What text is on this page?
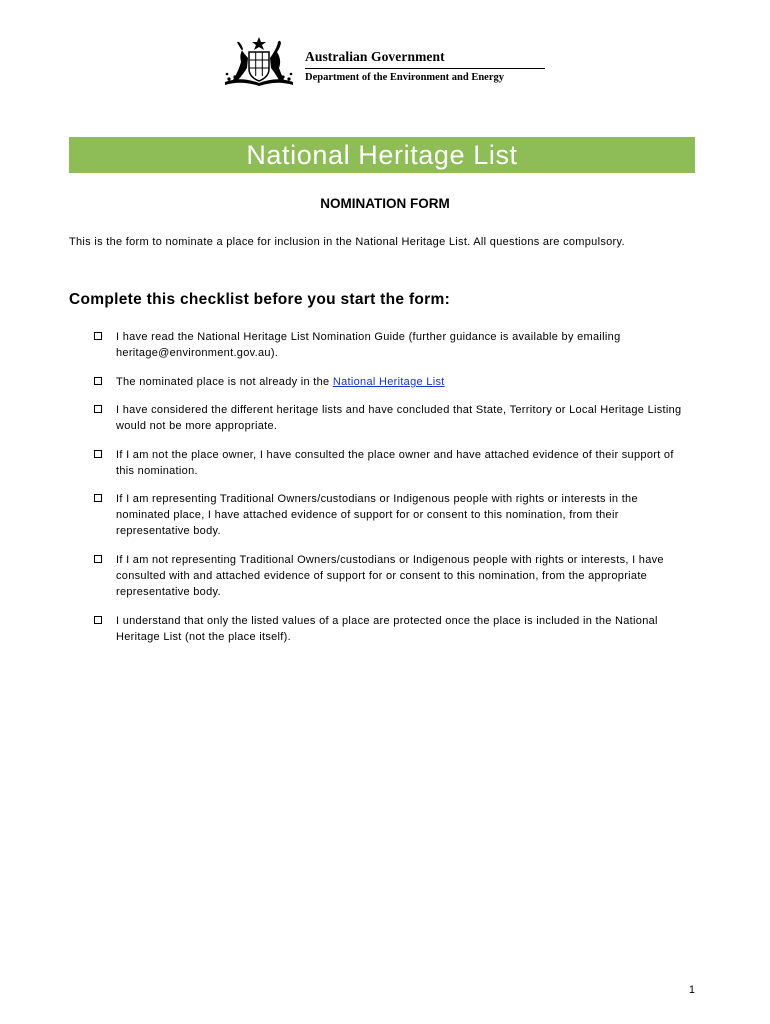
Australian Government
Department of the Environment and Energy
National Heritage List
NOMINATION FORM
This is the form to nominate a place for inclusion in the National Heritage List. All questions are compulsory.
Complete this checklist before you start the form:
I have read the National Heritage List Nomination Guide (further guidance is available by emailing heritage@environment.gov.au).
The nominated place is not already in the National Heritage List
I have considered the different heritage lists and have concluded that State, Territory or Local Heritage Listing would not be more appropriate.
If I am not the place owner, I have consulted the place owner and have attached evidence of their support of this nomination.
If I am representing Traditional Owners/custodians or Indigenous people with rights or interests in the nominated place, I have attached evidence of support for or consent to this nomination, from their representative body.
If I am not representing Traditional Owners/custodians or Indigenous people with rights or interests, I have consulted with and attached evidence of support for or consent to this nomination, from the appropriate representative body.
I understand that only the listed values of a place are protected once the place is included in the National Heritage List (not the place itself).
1
